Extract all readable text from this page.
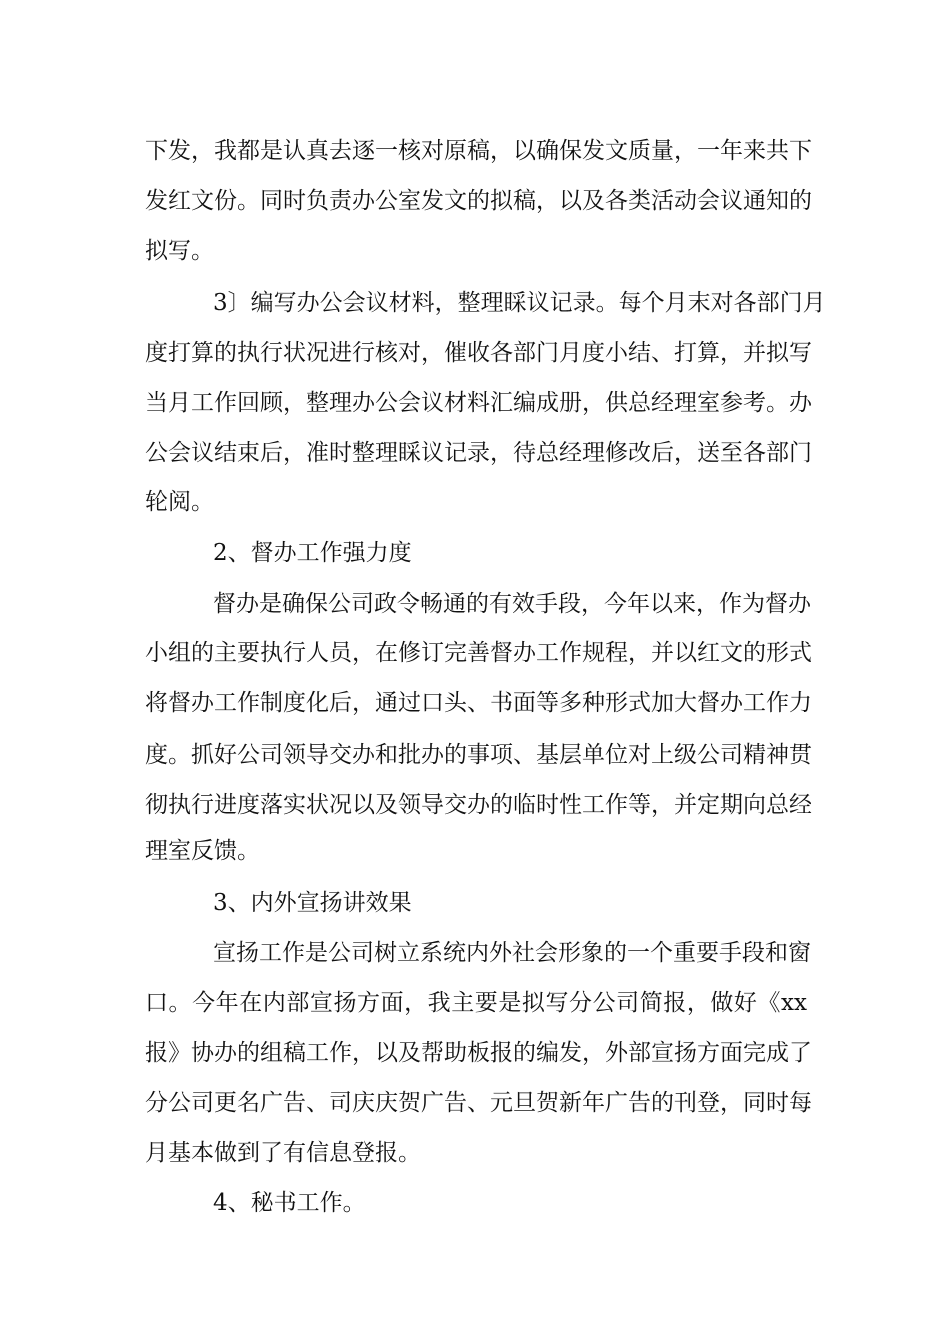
下发，我都是认真去逐一核对原稿，以确保发文质量，一年来共下
发红文份。同时负责办公室发文的拟稿，以及各类活动会议通知的
拟写。
3〕编写办公会议材料，整理睬议记录。每个月末对各部门月
度打算的执行状况进行核对，催收各部门月度小结、打算，并拟写
当月工作回顾，整理办公会议材料汇编成册，供总经理室参考。办
公会议结束后，准时整理睬议记录，待总经理修改后，送至各部门
轮阅。
2、督办工作强力度
督办是确保公司政令畅通的有效手段，今年以来，作为督办
小组的主要执行人员，在修订完善督办工作规程，并以红文的形式
将督办工作制度化后，通过口头、书面等多种形式加大督办工作力
度。抓好公司领导交办和批办的事项、基层单位对上级公司精神贯
彻执行进度落实状况以及领导交办的临时性工作等，并定期向总经
理室反馈。
3、内外宣扬讲效果
宣扬工作是公司树立系统内外社会形象的一个重要手段和窗
口。今年在内部宣扬方面，我主要是拟写分公司简报，做好《xx
报》协办的组稿工作，以及帮助板报的编发，外部宣扬方面完成了
分公司更名广告、司庆庆贺广告、元旦贺新年广告的刊登，同时每
月基本做到了有信息登报。
4、秘书工作。
